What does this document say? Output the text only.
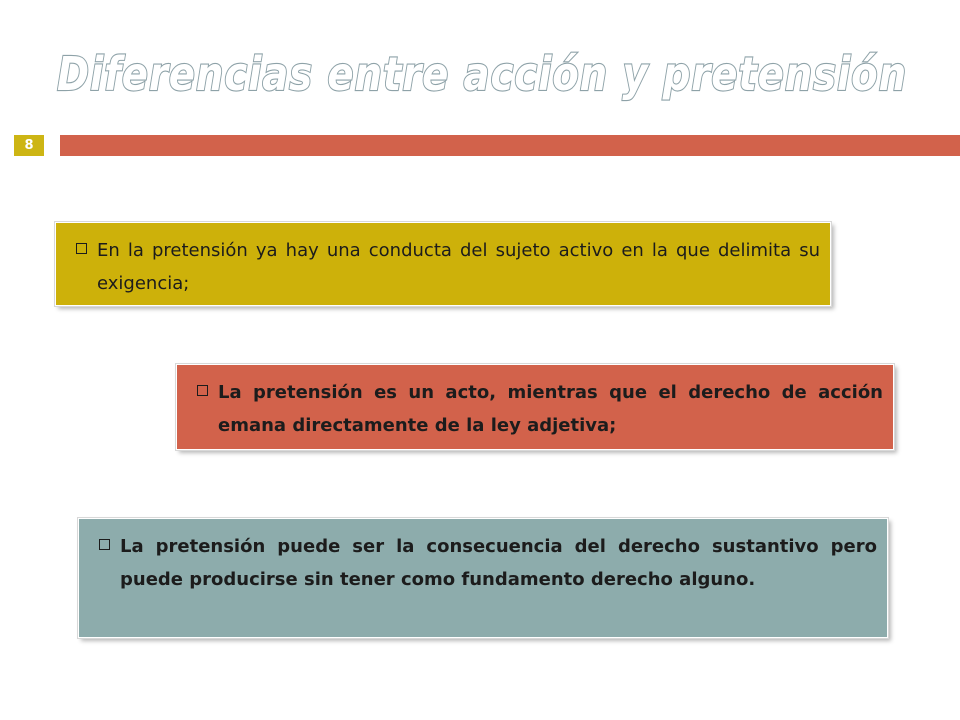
Diferencias entre acción y pretensión
8
En la pretensión ya hay una conducta del sujeto activo en la que delimita su exigencia;
La pretensión es un acto, mientras que el derecho de acción emana directamente de la ley adjetiva;
La pretensión puede ser la consecuencia del derecho sustantivo pero puede producirse sin tener como fundamento derecho alguno.
